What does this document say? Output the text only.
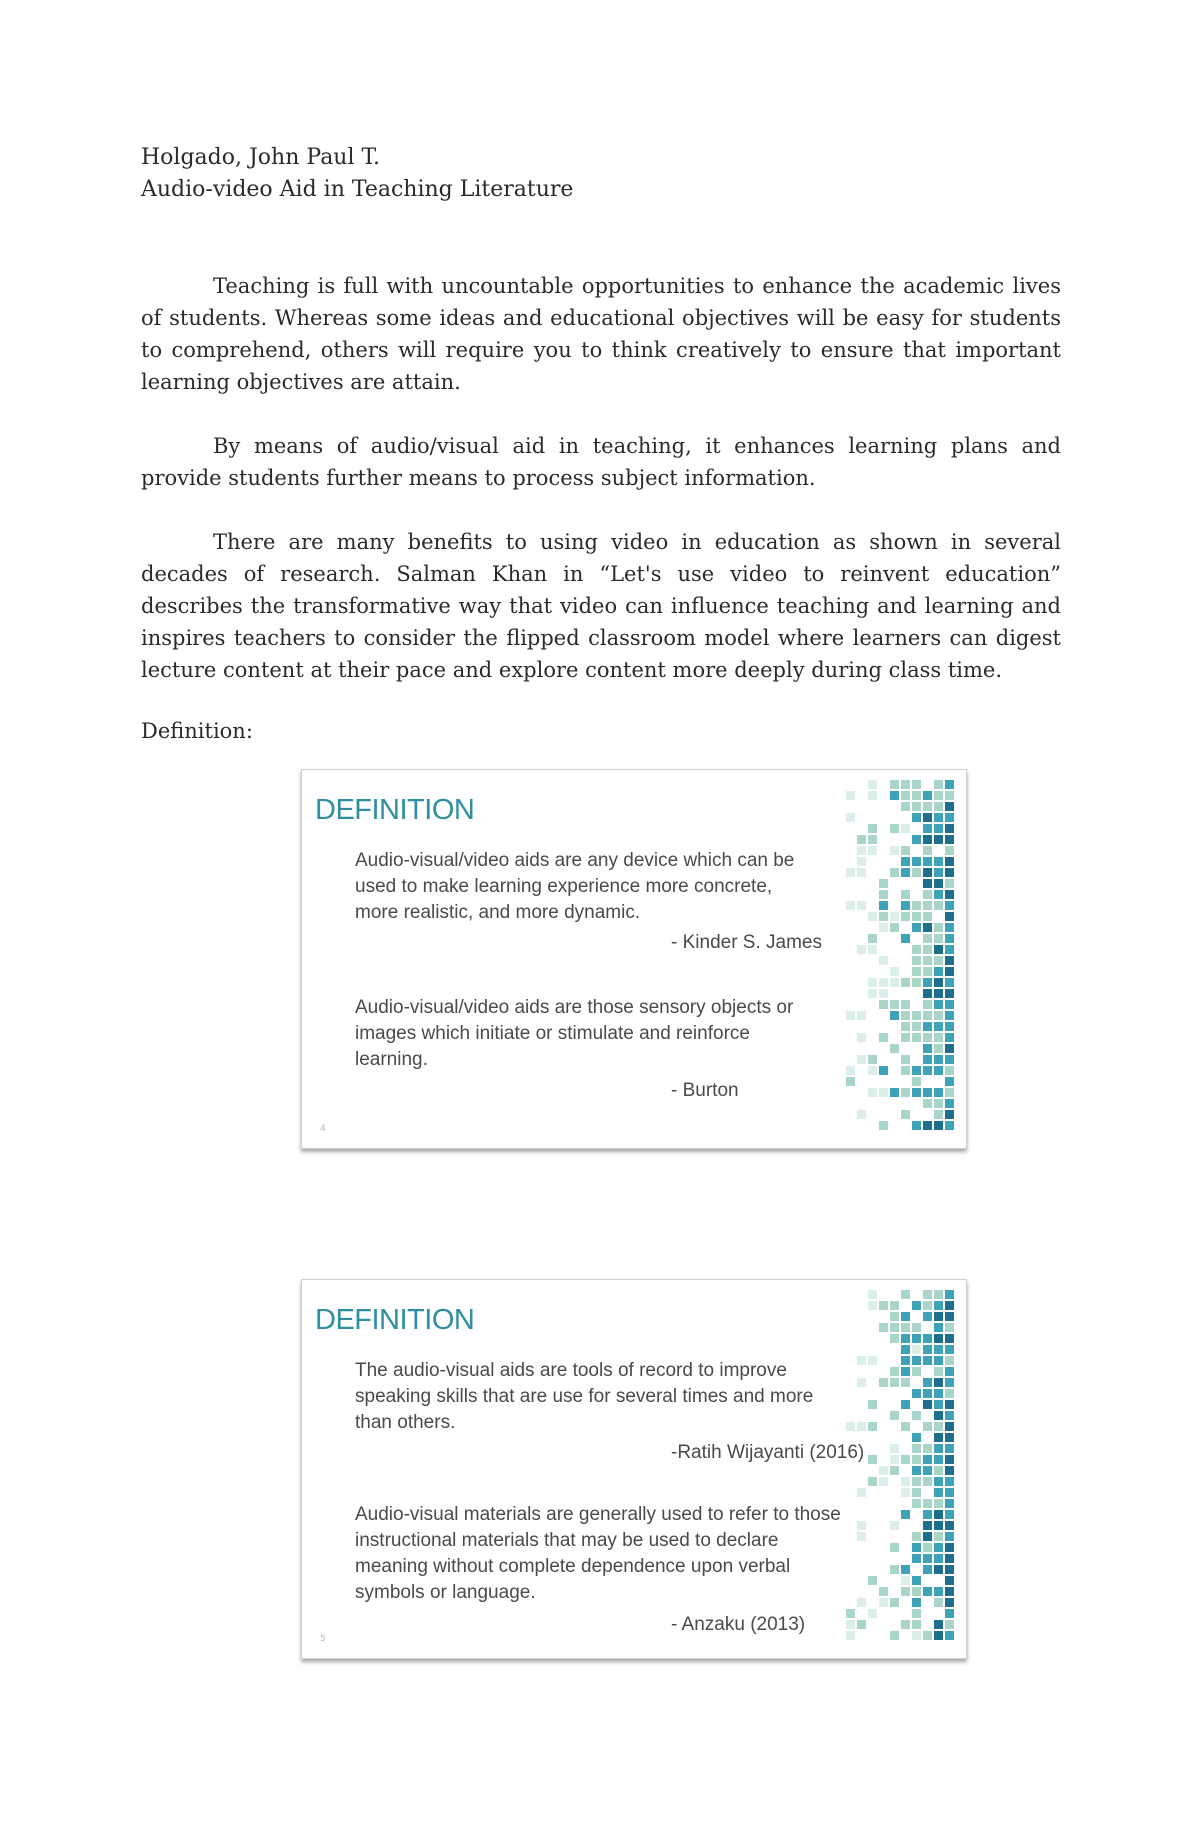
Holgado, John Paul T.
Audio-video Aid in Teaching Literature
Teaching is full with uncountable opportunities to enhance the academic lives of students. Whereas some ideas and educational objectives will be easy for students to comprehend, others will require you to think creatively to ensure that important learning objectives are attain.
By means of audio/visual aid in teaching, it enhances learning plans and provide students further means to process subject information.
There are many benefits to using video in education as shown in several decades of research. Salman Khan in “Let's use video to reinvent education” describes the transformative way that video can influence teaching and learning and inspires teachers to consider the flipped classroom model where learners can digest lecture content at their pace and explore content more deeply during class time.
Definition:
DEFINITION
Audio-visual/video aids are any device which can be
used to make learning experience more concrete,
more realistic, and more dynamic.
- Kinder S. James
Audio-visual/video aids are those sensory objects or
images which initiate or stimulate and reinforce
learning.
- Burton
4
DEFINITION
The audio-visual aids are tools of record to improve
speaking skills that are use for several times and more
than others.
-Ratih Wijayanti (2016)
Audio-visual materials are generally used to refer to those
instructional materials that may be used to declare
meaning without complete dependence upon verbal
symbols or language.
- Anzaku (2013)
5
